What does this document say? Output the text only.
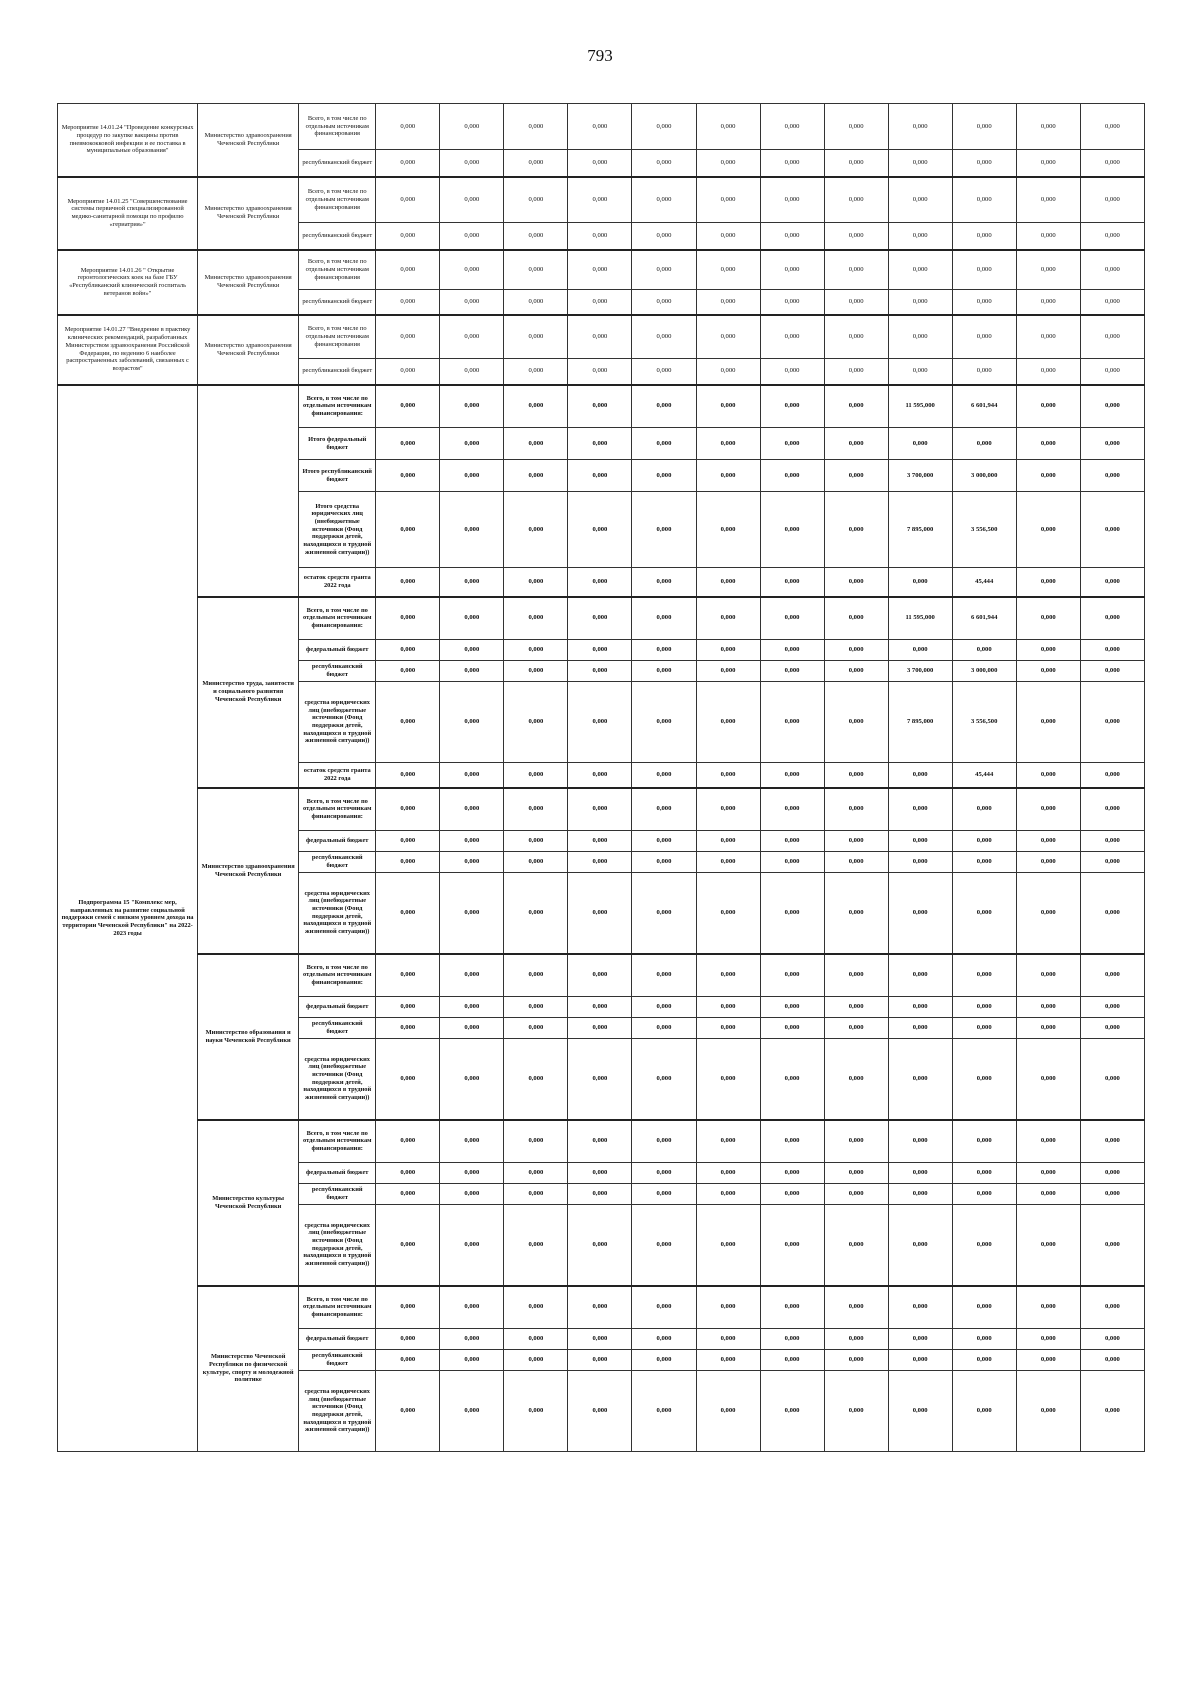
793
Мероприятие 14.01.24 "Проведение конкурсных процедур по закупке вакцины против пневмококковой инфекции и ее поставка в муниципальные образования"	Министерство здравоохранения Чеченской Республики	Всего, в том числе по отдельным источникам финансирования	0,000	0,000	0,000	0,000	0,000	0,000	0,000	0,000	0,000	0,000	0,000	0,000
		республиканский бюджет	0,000	0,000	0,000	0,000	0,000	0,000	0,000	0,000	0,000	0,000	0,000	0,000
Мероприятие 14.01.25 "Совершенствование системы первичной специализированной медико-санитарной помощи по профилю «гериатрия»"	Министерство здравоохранения Чеченской Республики	Всего, в том числе по отдельным источникам финансирования	0,000	0,000	0,000	0,000	0,000	0,000	0,000	0,000	0,000	0,000	0,000	0,000
		республиканский бюджет	0,000	0,000	0,000	0,000	0,000	0,000	0,000	0,000	0,000	0,000	0,000	0,000
Мероприятие 14.01.26 " Открытие геронтологических коек на базе ГБУ «Республиканский клинический госпиталь ветеранов войн»"	Министерство здравоохранения Чеченской Республики	Всего, в том числе по отдельным источникам финансирования	0,000	0,000	0,000	0,000	0,000	0,000	0,000	0,000	0,000	0,000	0,000	0,000
		республиканский бюджет	0,000	0,000	0,000	0,000	0,000	0,000	0,000	0,000	0,000	0,000	0,000	0,000
Мероприятие 14.01.27 "Внедрение в практику клинических рекомендаций, разработанных Министерством здравоохранения Российской Федерации, по ведению 6 наиболее распространенных заболеваний, связанных с возрастом"	Министерство здравоохранения Чеченской Республики	Всего, в том числе по отдельным источникам финансирования	0,000	0,000	0,000	0,000	0,000	0,000	0,000	0,000	0,000	0,000	0,000	0,000
		республиканский бюджет	0,000	0,000	0,000	0,000	0,000	0,000	0,000	0,000	0,000	0,000	0,000	0,000
Подпрограмма 15 "Комплекс мер, направленных на развитие социальной поддержки семей с низким уровнем дохода на территории Чеченской Республики" на 2022-2023 годы		Всего, в том числе по отдельным источникам финансирования:	0,000	0,000	0,000	0,000	0,000	0,000	0,000	0,000	11 595,000	6 601,944	0,000	0,000
		Итого федеральный бюджет	0,000	0,000	0,000	0,000	0,000	0,000	0,000	0,000	0,000	0,000	0,000	0,000
		Итого республиканский бюджет	0,000	0,000	0,000	0,000	0,000	0,000	0,000	0,000	3 700,000	3 000,000	0,000	0,000
		Итого средства юридических лиц (внебюджетные источники (Фонд поддержки детей, находящихся в трудной жизненной ситуации))	0,000	0,000	0,000	0,000	0,000	0,000	0,000	0,000	7 895,000	3 556,500	0,000	0,000
		остаток средств гранта 2022 года	0,000	0,000	0,000	0,000	0,000	0,000	0,000	0,000	0,000	45,444	0,000	0,000
	Министерство труда, занятости и социального развития Чеченской Республики	Всего, в том числе по отдельным источникам финансирования:	0,000	0,000	0,000	0,000	0,000	0,000	0,000	0,000	11 595,000	6 601,944	0,000	0,000
		федеральный бюджет	0,000	0,000	0,000	0,000	0,000	0,000	0,000	0,000	0,000	0,000	0,000	0,000
		республиканский бюджет	0,000	0,000	0,000	0,000	0,000	0,000	0,000	0,000	3 700,000	3 000,000	0,000	0,000
		средства юридических лиц (внебюджетные источники (Фонд поддержки детей, находящихся в трудной жизненной ситуации))	0,000	0,000	0,000	0,000	0,000	0,000	0,000	0,000	7 895,000	3 556,500	0,000	0,000
		остаток средств гранта 2022 года	0,000	0,000	0,000	0,000	0,000	0,000	0,000	0,000	0,000	45,444	0,000	0,000
	Министерство здравоохранения Чеченской Республики	Всего, в том числе по отдельным источникам финансирования:	0,000	0,000	0,000	0,000	0,000	0,000	0,000	0,000	0,000	0,000	0,000	0,000
		федеральный бюджет	0,000	0,000	0,000	0,000	0,000	0,000	0,000	0,000	0,000	0,000	0,000	0,000
		республиканский бюджет	0,000	0,000	0,000	0,000	0,000	0,000	0,000	0,000	0,000	0,000	0,000	0,000
		средства юридических лиц (внебюджетные источники (Фонд поддержки детей, находящихся в трудной жизненной ситуации))	0,000	0,000	0,000	0,000	0,000	0,000	0,000	0,000	0,000	0,000	0,000	0,000
	Министерство образования и науки Чеченской Республики	Всего, в том числе по отдельным источникам финансирования:	0,000	0,000	0,000	0,000	0,000	0,000	0,000	0,000	0,000	0,000	0,000	0,000
		федеральный бюджет	0,000	0,000	0,000	0,000	0,000	0,000	0,000	0,000	0,000	0,000	0,000	0,000
		республиканский бюджет	0,000	0,000	0,000	0,000	0,000	0,000	0,000	0,000	0,000	0,000	0,000	0,000
		средства юридических лиц (внебюджетные источники (Фонд поддержки детей, находящихся в трудной жизненной ситуации))	0,000	0,000	0,000	0,000	0,000	0,000	0,000	0,000	0,000	0,000	0,000	0,000
	Министерство культуры Чеченской Республики	Всего, в том числе по отдельным источникам финансирования:	0,000	0,000	0,000	0,000	0,000	0,000	0,000	0,000	0,000	0,000	0,000	0,000
		федеральный бюджет	0,000	0,000	0,000	0,000	0,000	0,000	0,000	0,000	0,000	0,000	0,000	0,000
		республиканский бюджет	0,000	0,000	0,000	0,000	0,000	0,000	0,000	0,000	0,000	0,000	0,000	0,000
		средства юридических лиц (внебюджетные источники (Фонд поддержки детей, находящихся в трудной жизненной ситуации))	0,000	0,000	0,000	0,000	0,000	0,000	0,000	0,000	0,000	0,000	0,000	0,000
	Министерство Чеченской Республики по физической культуре, спорту и молодежной политике	Всего, в том числе по отдельным источникам финансирования:	0,000	0,000	0,000	0,000	0,000	0,000	0,000	0,000	0,000	0,000	0,000	0,000
		федеральный бюджет	0,000	0,000	0,000	0,000	0,000	0,000	0,000	0,000	0,000	0,000	0,000	0,000
		республиканский бюджет	0,000	0,000	0,000	0,000	0,000	0,000	0,000	0,000	0,000	0,000	0,000	0,000
		средства юридических лиц (внебюджетные источники (Фонд поддержки детей, находящихся в трудной жизненной ситуации))	0,000	0,000	0,000	0,000	0,000	0,000	0,000	0,000	0,000	0,000	0,000	0,000
